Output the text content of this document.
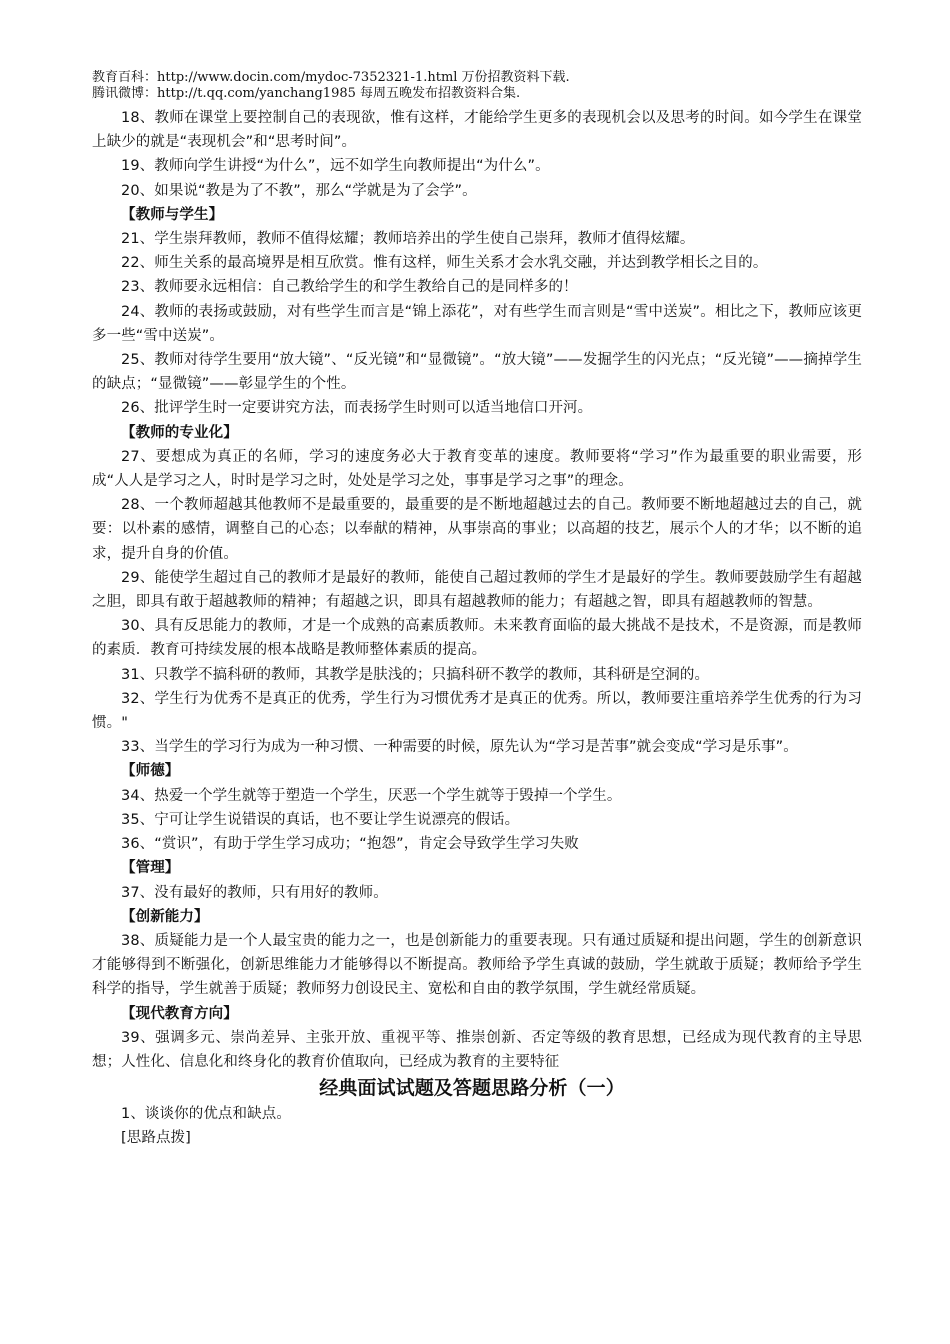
教育百科：http://www.docin.com/mydoc-7352321-1.html 万份招教资料下载.
腾讯微博：http://t.qq.com/yanchang1985 每周五晚发布招教资料合集.

18、教师在课堂上要控制自己的表现欲，惟有这样，才能给学生更多的表现机会以及思考的时间。如今学生在课堂上缺少的就是“表现机会”和“思考时间”。

19、教师向学生讲授“为什么”，远不如学生向教师提出“为什么”。

20、如果说“教是为了不教”，那么“学就是为了会学”。

【教师与学生】

21、学生崇拜教师，教师不值得炫耀；教师培养出的学生使自己崇拜，教师才值得炫耀。

22、师生关系的最高境界是相互欣赏。惟有这样，师生关系才会水乳交融，并达到教学相长之目的。

23、教师要永远相信：自己教给学生的和学生教给自己的是同样多的！

24、教师的表扬或鼓励，对有些学生而言是“锦上添花”，对有些学生而言则是“雪中送炭”。相比之下，教师应该更多一些“雪中送炭”。

25、教师对待学生要用“放大镜”、“反光镜”和“显微镜”。“放大镜”——发掘学生的闪光点；“反光镜”——摘掉学生的缺点；“显微镜”——彰显学生的个性。

26、批评学生时一定要讲究方法，而表扬学生时则可以适当地信口开河。

【教师的专业化】

27、要想成为真正的名师，学习的速度务必大于教育变革的速度。教师要将“学习”作为最重要的职业需要，形成“人人是学习之人，时时是学习之时，处处是学习之处，事事是学习之事”的理念。

28、一个教师超越其他教师不是最重要的，最重要的是不断地超越过去的自己。教师要不断地超越过去的自己，就要：以朴素的感情，调整自己的心态；以奉献的精神，从事崇高的事业；以高超的技艺，展示个人的才华；以不断的追求，提升自身的价值。

29、能使学生超过自己的教师才是最好的教师，能使自己超过教师的学生才是最好的学生。教师要鼓励学生有超越之胆，即具有敢于超越教师的精神；有超越之识，即具有超越教师的能力；有超越之智，即具有超越教师的智慧。

30、具有反思能力的教师，才是一个成熟的高素质教师。未来教育面临的最大挑战不是技术，不是资源，而是教师的素质．教育可持续发展的根本战略是教师整体素质的提高。

31、只教学不搞科研的教师，其教学是肤浅的；只搞科研不教学的教师，其科研是空洞的。

32、学生行为优秀不是真正的优秀，学生行为习惯优秀才是真正的优秀。所以，教师要注重培养学生优秀的行为习惯。"

33、当学生的学习行为成为一种习惯、一种需要的时候，原先认为“学习是苦事”就会变成“学习是乐事”。

【师德】

34、热爱一个学生就等于塑造一个学生，厌恶一个学生就等于毁掉一个学生。

35、宁可让学生说错误的真话，也不要让学生说漂亮的假话。

36、“赏识”，有助于学生学习成功；“抱怨”，肯定会导致学生学习失败

【管理】

37、没有最好的教师，只有用好的教师。

【创新能力】

38、质疑能力是一个人最宝贵的能力之一，也是创新能力的重要表现。只有通过质疑和提出问题，学生的创新意识才能够得到不断强化，创新思维能力才能够得以不断提高。教师给予学生真诚的鼓励，学生就敢于质疑；教师给予学生科学的指导，学生就善于质疑；教师努力创设民主、宽松和自由的教学氛围，学生就经常质疑。

【现代教育方向】

39、强调多元、崇尚差异、主张开放、重视平等、推崇创新、否定等级的教育思想，已经成为现代教育的主导思想；人性化、信息化和终身化的教育价值取向，已经成为教育的主要特征

经典面试试题及答题思路分析（一）

1、谈谈你的优点和缺点。

[思路点拨]
